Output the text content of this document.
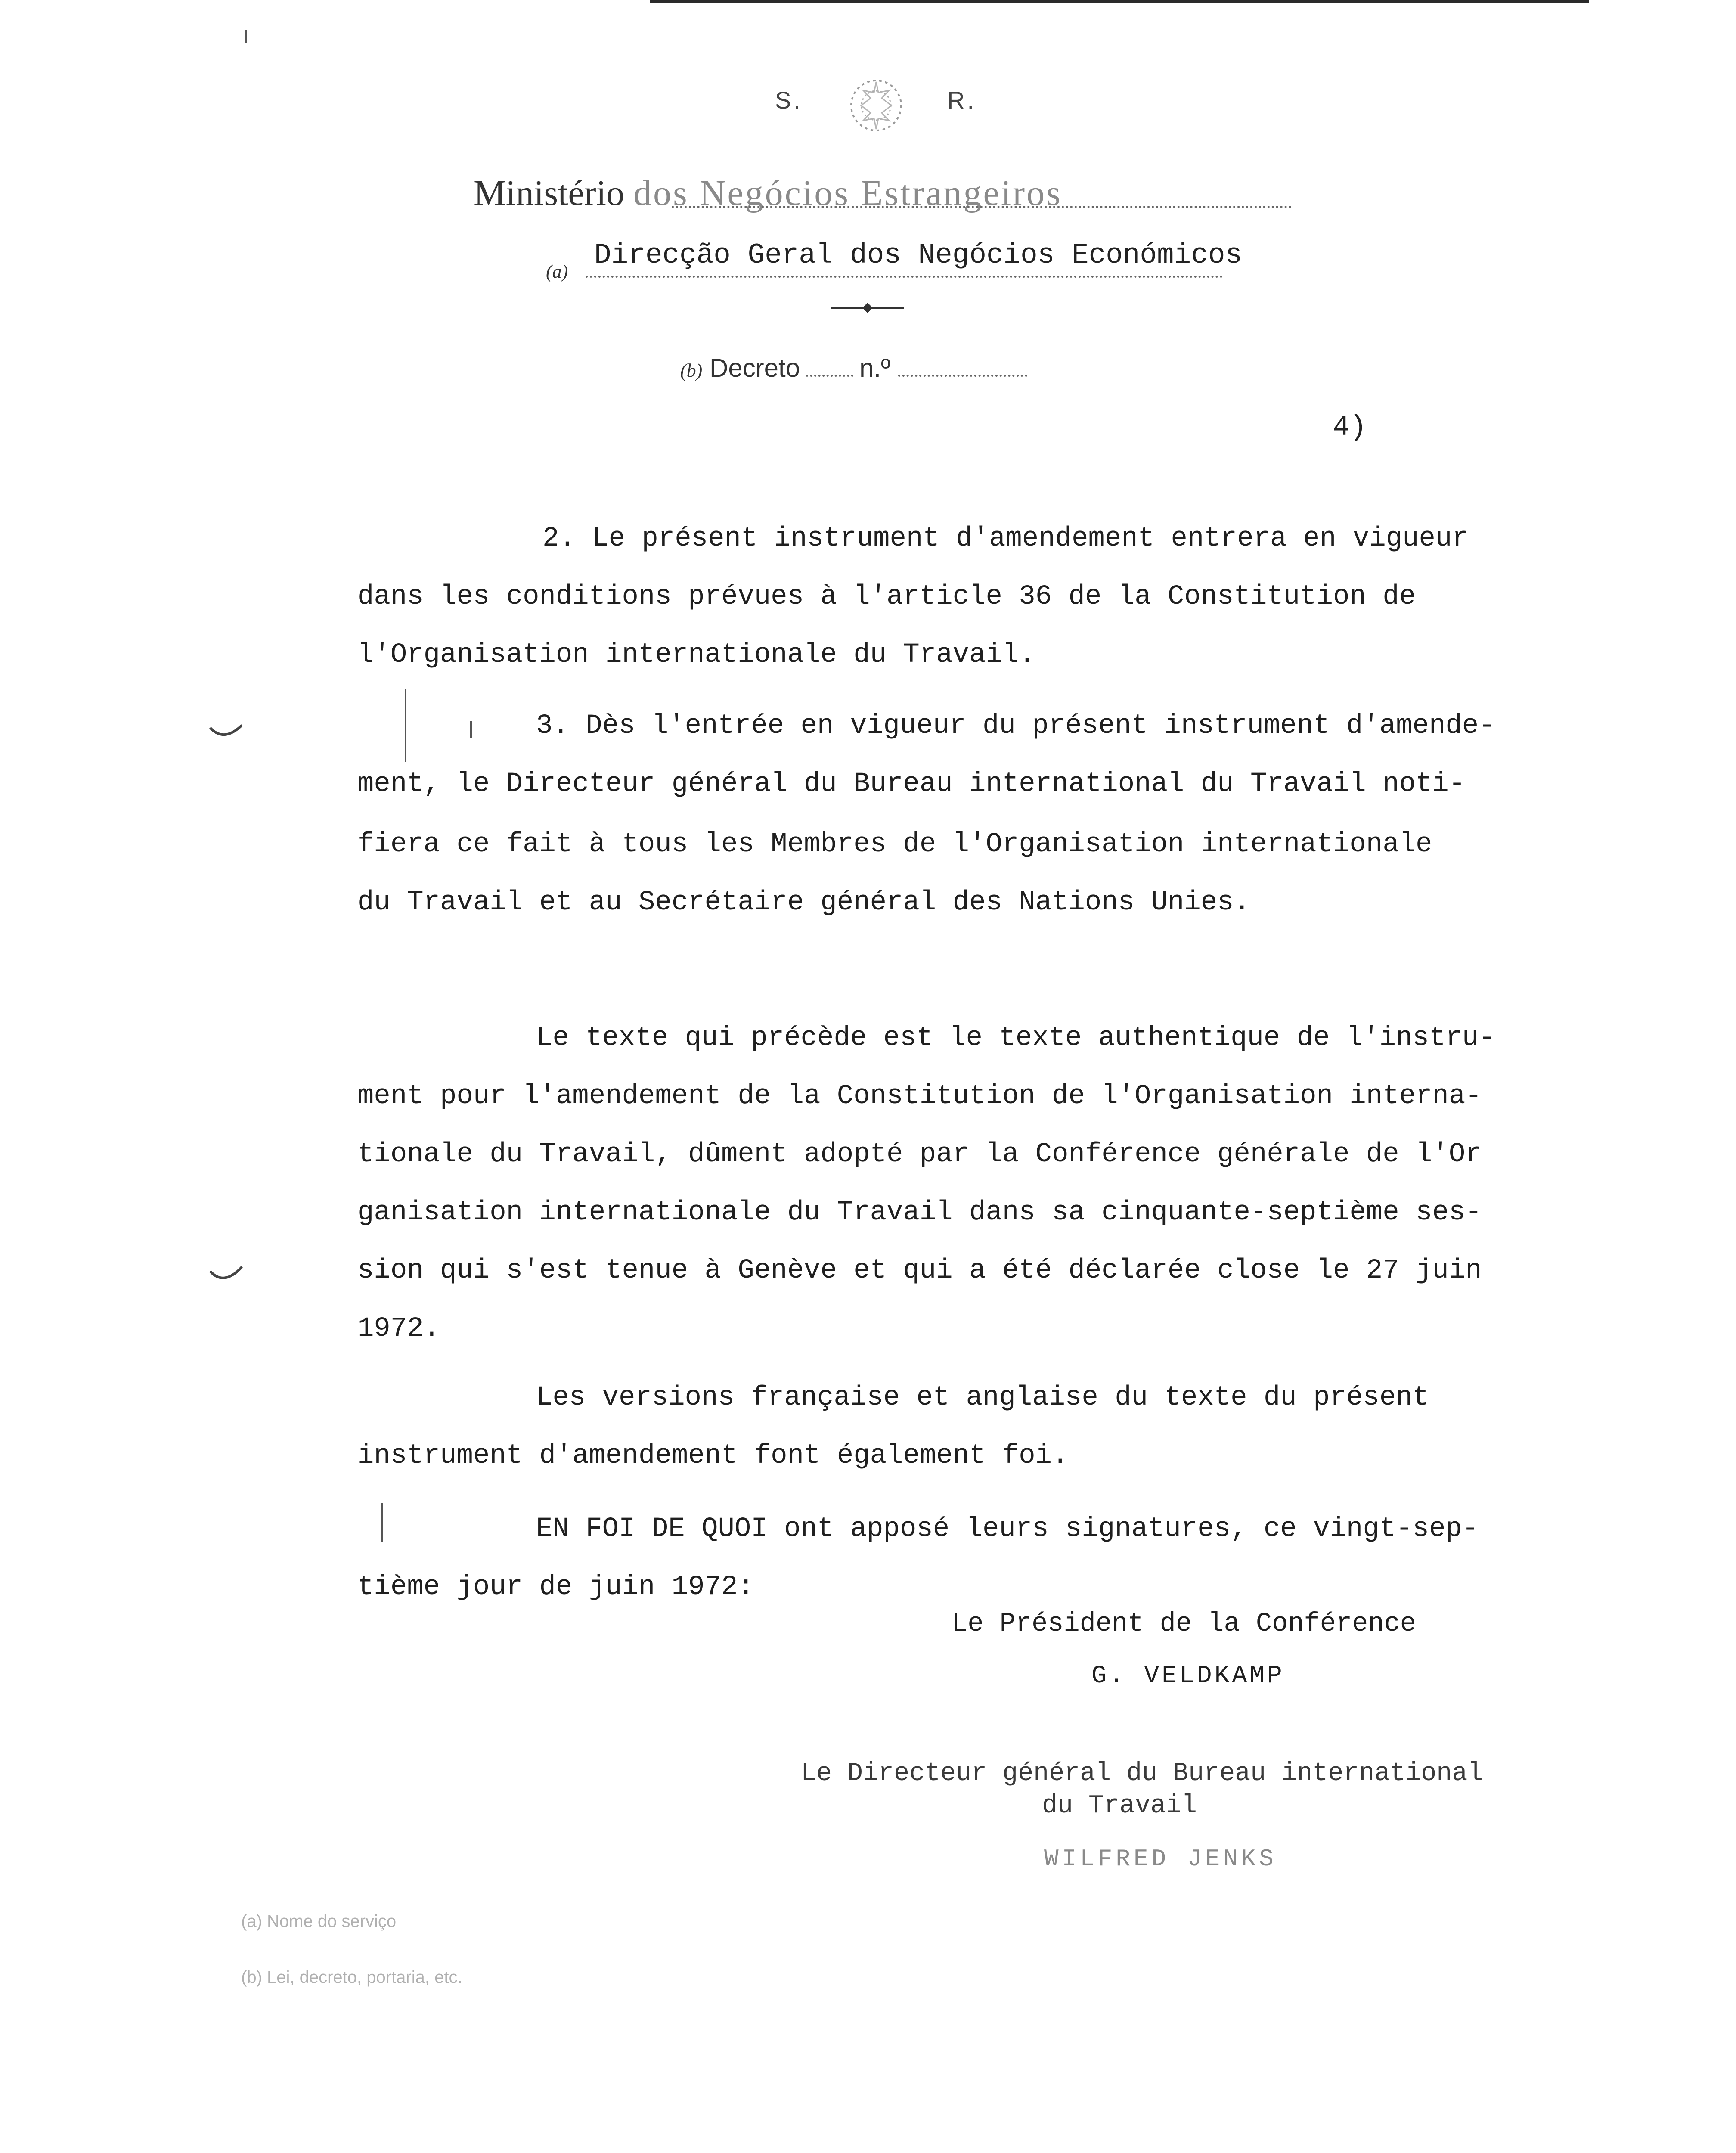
S.	R.
Ministério dos Negócios Estrangeiros
(a)
Direcção Geral dos Negócios Económicos
(b) Decreto n.º
4)
2. Le présent instrument d'amendement entrera en vigueur
dans les conditions prévues à l'article 36 de la Constitution de
l'Organisation internationale du Travail.
3. Dès l'entrée en vigueur du présent instrument d'amende-
ment, le Directeur général du Bureau international du Travail noti-
fiera ce fait à tous les Membres de l'Organisation internationale
du Travail et au Secrétaire général des Nations Unies.
Le texte qui précède est le texte authentique de l'instru-
ment pour l'amendement de la Constitution de l'Organisation interna-
tionale du Travail, dûment adopté par la Conférence générale de l'Or
ganisation internationale du Travail dans sa cinquante-septième ses-
sion qui s'est tenue à Genève et qui a été déclarée close le 27 juin
1972.
Les versions française et anglaise du texte du présent
instrument d'amendement font également foi.
EN FOI DE QUOI ont apposé leurs signatures, ce vingt-sep-
tième jour de juin 1972:
Le Président de la Conférence
G. VELDKAMP
Le Directeur général du Bureau international
du Travail
WILFRED JENKS
(a) Nome do serviço
(b) Lei, decreto, portaria, etc.
